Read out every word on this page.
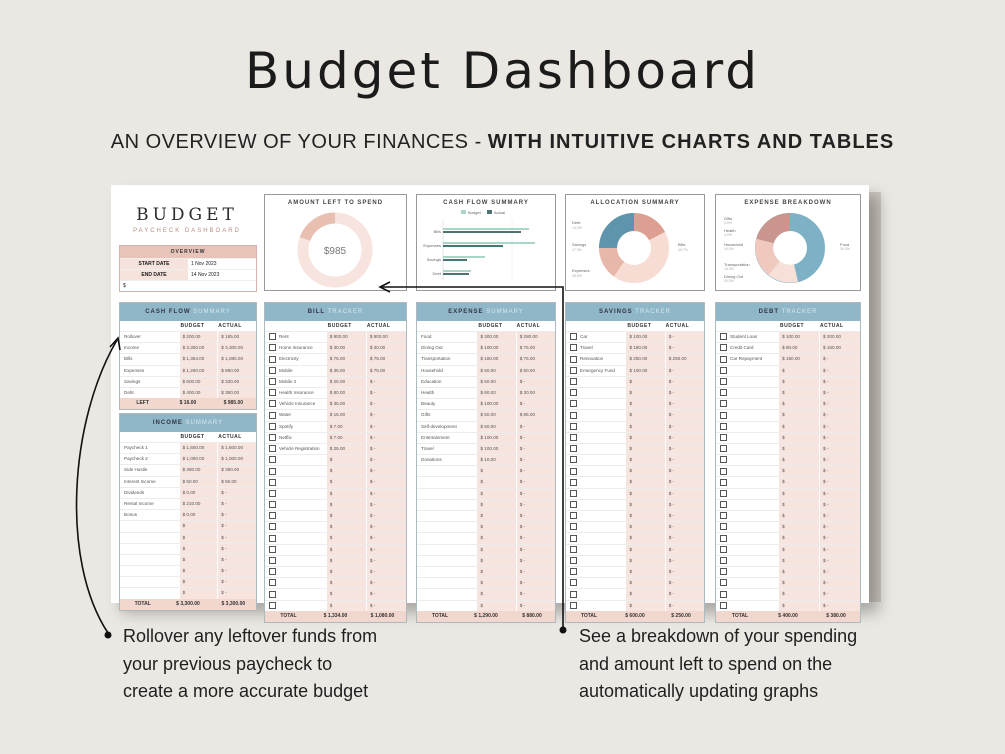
Budget Dashboard
AN OVERVIEW OF YOUR FINANCES - WITH INTUITIVE CHARTS AND TABLES
BUDGET
PAYCHECK DASHBOARD
OVERVIEW
START DATE	1 Nov 2023
END DATE	14 Nov 2023
$
AMOUNT LEFT TO SPEND
$985
CASH FLOW SUMMARY
Budget	Actual
Bills
Expenses
Savings
Debt
ALLOCATION SUMMARY
Debt
14.0%
Savings
17.3%
Expenses
28.0%
Bills
40.7%
EXPENSE BREAKDOWN
Gifts
3.0%
Health
4.0%
Household
10.0%
Transportation
15.0%
Dining Out
20.0%
Food
30.0%
CASH FLOW SUMMARY
BUDGET	ACTUAL
Rollover	$ 200.00	$ 185.00
Income	$ 3,300.00	$ 3,300.00
Bills	$ 1,354.00	$ 1,080.00
Expenses	$ 1,290.00	$ 880.00
Savings	$ 600.00	$ 330.00
Debt	$ 400.00	$ 380.00
LEFT	$ 16.00	$ 985.00
INCOME SUMMARY
BUDGET	ACTUAL
Paycheck 1	$ 1,600.00	$ 1,600.00
Paycheck 2	$ 1,000.00	$ 1,000.00
Side Hustle	$ 380.00	$ 380.00
Interest Income	$ 50.00	$ 50.00
Dividends	$ 0.00	$ -
Rental Income	$ 210.00	$ -
Bonus	$ 0.00	$ -
$	$ -
$	$ -
$	$ -
$	$ -
$	$ -
$	$ -
$	$ -
TOTAL	$ 3,300.00	$ 3,300.00
BILL TRACKER
BUDGET	ACTUAL
Rent	$ 900.00	$ 900.00
Home Insurance	$ 30.00	$ 30.00
Electricity	$ 75.00	$ 75.00
Mobile	$ 35.00	$ 75.00
Mobile 2	$ 25.00	$ -
Health Insurance	$ 80.00	$ -
Vehicle Insurance	$ 35.00	$ -
Water	$ 15.00	$ -
Spotify	$ 7.00	$ -
Netflix	$ 7.00	$ -
Vehicle Registration	$ 25.00	$ -
$	$ -
$	$ -
$	$ -
$	$ -
$	$ -
$	$ -
$	$ -
$	$ -
$	$ -
$	$ -
$	$ -
$	$ -
$	$ -
$	$ -
TOTAL	$ 1,334.00	$ 1,080.00
EXPENSE SUMMARY
BUDGET	ACTUAL
Food	$ 300.00	$ 280.00
Dining Out	$ 100.00	$ 75.00
Transportation	$ 180.00	$ 75.00
Household	$ 50.00	$ 50.00
Education	$ 50.00	$ -
Health	$ 60.00	$ 30.00
Beauty	$ 100.00	$ -
Gifts	$ 50.00	$ 85.00
Self-development	$ 50.00	$ -
Entertainment	$ 100.00	$ -
Travel	$ 100.00	$ -
Donations	$ 10.00	$ -
$	$ -
$	$ -
$	$ -
$	$ -
$	$ -
$	$ -
$	$ -
$	$ -
$	$ -
$	$ -
$	$ -
$	$ -
$	$ -
TOTAL	$ 1,290.00	$ 880.00
SAVINGS TRACKER
BUDGET	ACTUAL
Car	$ 100.00	$ -
Travel	$ 180.00	$ -
Renovation	$ 250.00	$ 250.00
Emergency Fund	$ 100.00	$ -
$	$ -
$	$ -
$	$ -
$	$ -
$	$ -
$	$ -
$	$ -
$	$ -
$	$ -
$	$ -
$	$ -
$	$ -
$	$ -
$	$ -
$	$ -
$	$ -
$	$ -
$	$ -
$	$ -
$	$ -
$	$ -
TOTAL	$ 600.00	$ 250.00
DEBT TRACKER
BUDGET	ACTUAL
Student Loan	$ 100.00	$ 200.00
Credit Card	$ 80.00	$ 180.00
Car Repayment	$ 150.00	$ -
$	$ -
$	$ -
$	$ -
$	$ -
$	$ -
$	$ -
$	$ -
$	$ -
$	$ -
$	$ -
$	$ -
$	$ -
$	$ -
$	$ -
$	$ -
$	$ -
$	$ -
$	$ -
$	$ -
$	$ -
$	$ -
$	$ -
TOTAL	$ 400.00	$ 380.00
Rollover any leftover funds from
your previous paycheck to
create a more accurate budget
See a breakdown of your spending
and amount left to spend on the
automatically updating graphs
